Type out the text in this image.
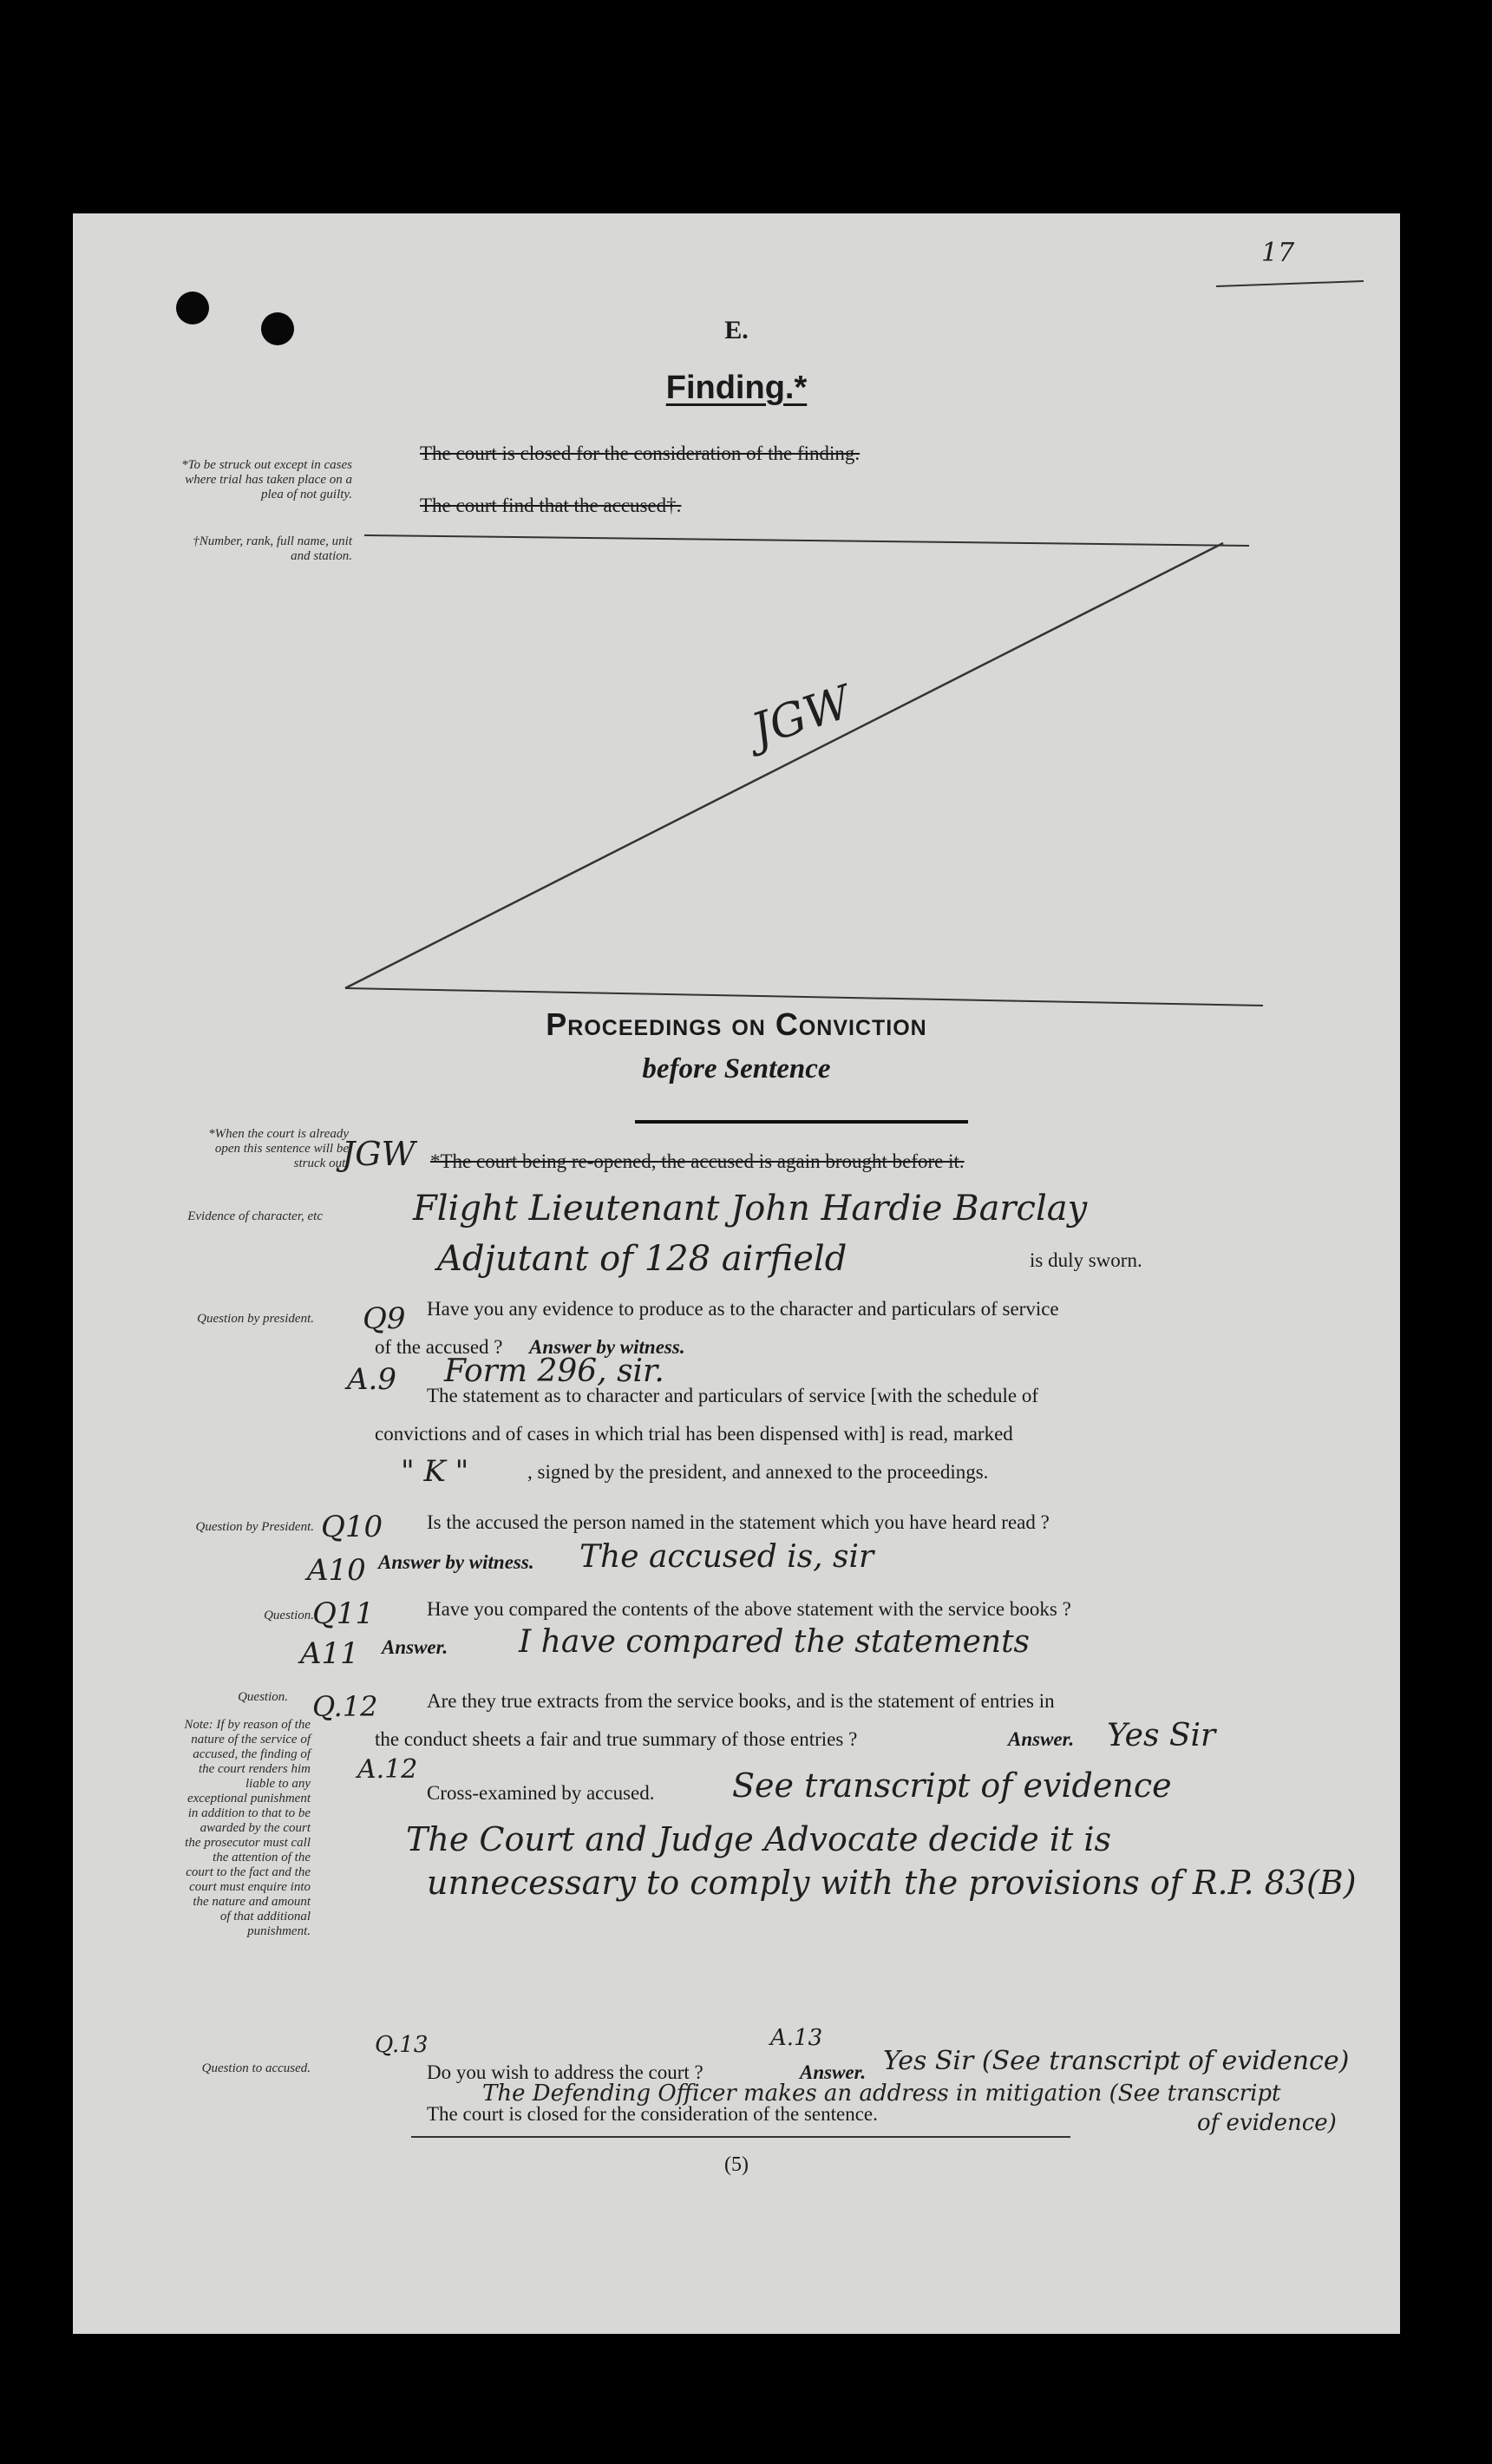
17
E.
Finding.*
*To be struck out except in cases where trial has taken place on a plea of not guilty.
†Number, rank, full name, unit and station.
The court is closed for the consideration of the finding.
The court find that the accused†.
JGW
Proceedings on Conviction
before Sentence
*When the court is already open this sentence will be struck out.
JGW *The court being re-opened, the accused is again brought before it.
Evidence of character, etc	Flight Lieutenant John Hardie Barclay
Adjutant of 128 airfield	is duly sworn.
Question by president. Q9 Have you any evidence to produce as to the character and particulars of service
of the accused ? Answer by witness.
A.9 Form 296, sir.
The statement as to character and particulars of service [with the schedule of
convictions and of cases in which trial has been dispensed with] is read, marked
" K "	, signed by the president, and annexed to the proceedings.
Question by President. Q10 Is the accused the person named in the statement which you have heard read ?
A10 Answer by witness. The accused is, sir
Question.
Q11	Have you compared the contents of the above statement with the service books ?
A11 Answer. I have compared the statements
Question. Q.12 Are they true extracts from the service books, and is the statement of entries in
the conduct sheets a fair and true summary of those entries ?	Answer. Yes Sir
Note: If by reason of the nature of the service of accused, the finding of the court renders him liable to any exceptional punishment in addition to that to be awarded by the court the prosecutor must call the attention of the court to the fact and the court must enquire into the nature and amount of that additional punishment.
A.12
Cross-examined by accused. See transcript of evidence
The Court and Judge Advocate decide it is
unnecessary to comply with the provisions of R.P. 83(B)
Question to accused.
Q.13	A.13
Do you wish to address the court ?	Answer. Yes Sir (See transcript of evidence)
The Defending Officer makes an address in mitigation (See transcript
of evidence)
The court is closed for the consideration of the sentence.
(5)
